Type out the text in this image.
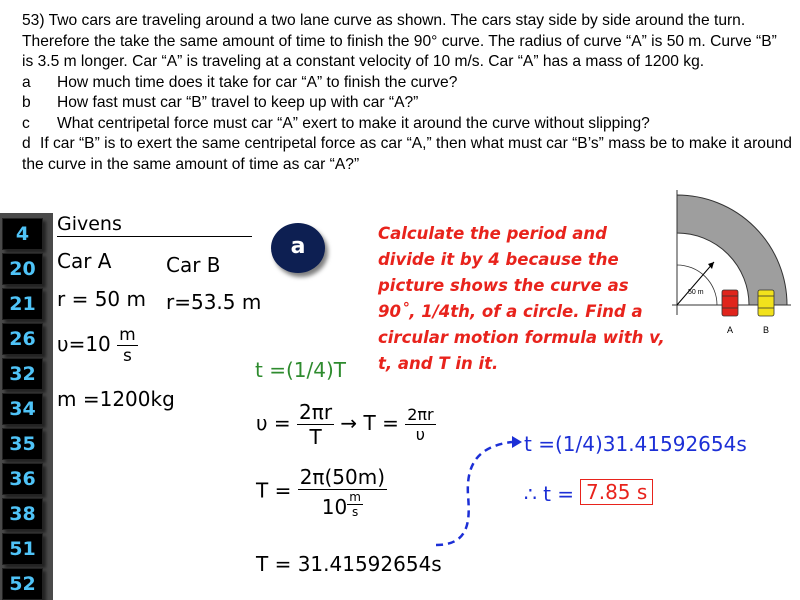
53) Two cars are traveling around a two lane curve as shown. The cars stay side by side around the turn. Therefore the take the same amount of time to finish the 90° curve. The radius of curve “A” is 50 m. Curve “B” is 3.5 m longer. Car “A” is traveling at a constant velocity of 10 m/s. Car “A” has a mass of 1200 kg.

a How much time does it take for car “A” to finish the curve?
b How fast must car “B” travel to keep up with car “A?”
c What centripetal force must car “A” exert to make it around the curve without slipping?
d If car “B” is to exert the same centripetal force as car “A,” then what must car “B’s” mass be to make it around the curve in the same amount of time as car “A?”
4
20
21
26
32
34
35
36
38
51
52
Givens
Car A	Car B
r = 50 m r=53.5 m
$\upsilon=10 \frac{m}{s}$
m =1200kg
a
Calculate the period and divide it by 4 because the picture shows the curve as 90˚, 1/4th, of a circle. Find a circular motion formula with v, t, and T in it.
t =(1/4)T
$\upsilon = \frac{2\pi r}{T} \to T = \frac{2\pi r}{\upsilon}$
$T = \frac{2\pi(50m)}{10 \frac{m}{s}}$
T = 31.41592654s
t =(1/4)31.41592654s
∴ t = 7.85 s
50 m
A	B
